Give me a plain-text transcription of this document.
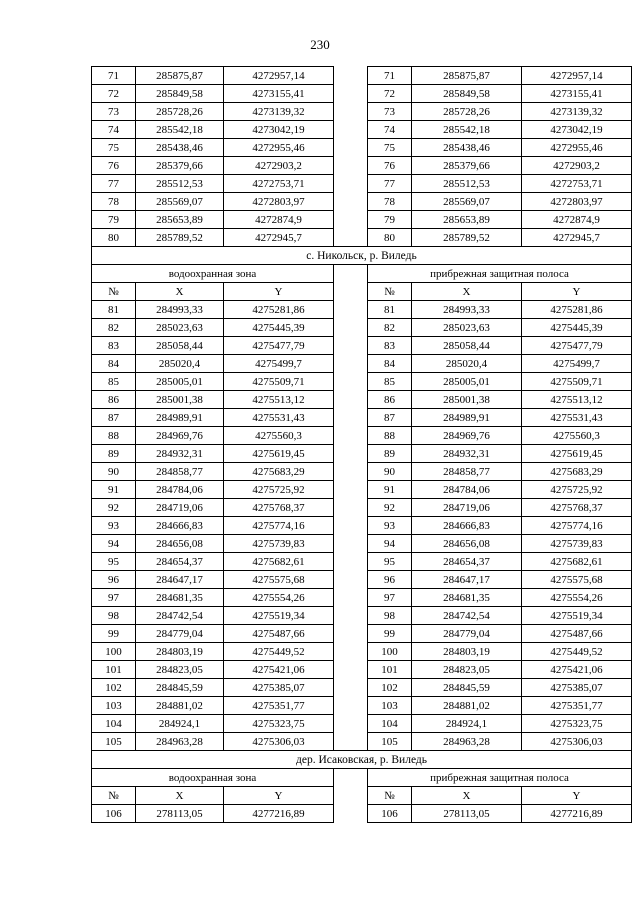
230
71	285875,87	4272957,14		71	285875,87	4272957,14
72	285849,58	4273155,41		72	285849,58	4273155,41
73	285728,26	4273139,32		73	285728,26	4273139,32
74	285542,18	4273042,19		74	285542,18	4273042,19
75	285438,46	4272955,46		75	285438,46	4272955,46
76	285379,66	4272903,2		76	285379,66	4272903,2
77	285512,53	4272753,71		77	285512,53	4272753,71
78	285569,07	4272803,97		78	285569,07	4272803,97
79	285653,89	4272874,9		79	285653,89	4272874,9
80	285789,52	4272945,7		80	285789,52	4272945,7
с. Никольск, р. Виледь						
водоохранная зона				прибрежная защитная полоса		
№	X	Y		№	X	Y
81	284993,33	4275281,86		81	284993,33	4275281,86
82	285023,63	4275445,39		82	285023,63	4275445,39
83	285058,44	4275477,79		83	285058,44	4275477,79
84	285020,4	4275499,7		84	285020,4	4275499,7
85	285005,01	4275509,71		85	285005,01	4275509,71
86	285001,38	4275513,12		86	285001,38	4275513,12
87	284989,91	4275531,43		87	284989,91	4275531,43
88	284969,76	4275560,3		88	284969,76	4275560,3
89	284932,31	4275619,45		89	284932,31	4275619,45
90	284858,77	4275683,29		90	284858,77	4275683,29
91	284784,06	4275725,92		91	284784,06	4275725,92
92	284719,06	4275768,37		92	284719,06	4275768,37
93	284666,83	4275774,16		93	284666,83	4275774,16
94	284656,08	4275739,83		94	284656,08	4275739,83
95	284654,37	4275682,61		95	284654,37	4275682,61
96	284647,17	4275575,68		96	284647,17	4275575,68
97	284681,35	4275554,26		97	284681,35	4275554,26
98	284742,54	4275519,34		98	284742,54	4275519,34
99	284779,04	4275487,66		99	284779,04	4275487,66
100	284803,19	4275449,52		100	284803,19	4275449,52
101	284823,05	4275421,06		101	284823,05	4275421,06
102	284845,59	4275385,07		102	284845,59	4275385,07
103	284881,02	4275351,77		103	284881,02	4275351,77
104	284924,1	4275323,75		104	284924,1	4275323,75
105	284963,28	4275306,03		105	284963,28	4275306,03
дер. Исаковская, р. Виледь						
водоохранная зона				прибрежная защитная полоса		
№	X	Y		№	X	Y
106	278113,05	4277216,89		106	278113,05	4277216,89
